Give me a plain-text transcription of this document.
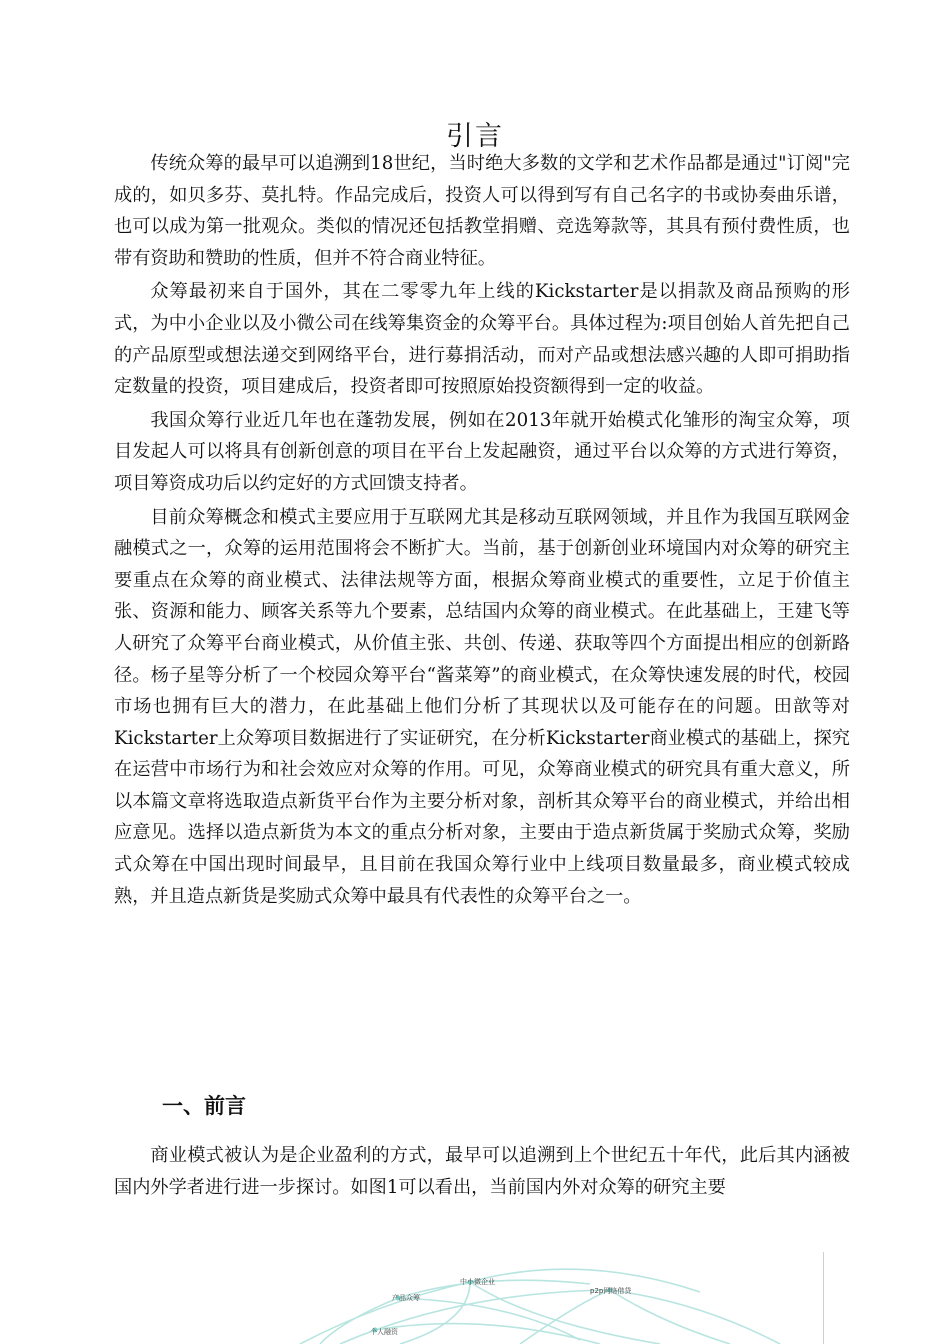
引言

传统众筹的最早可以追溯到18世纪，当时绝大多数的文学和艺术作品都是通过"订阅"完成的，如贝多芬、莫扎特。作品完成后，投资人可以得到写有自己名字的书或协奏曲乐谱，也可以成为第一批观众。类似的情况还包括教堂捐赠、竞选筹款等，其具有预付费性质，也带有资助和赞助的性质，但并不符合商业特征。

众筹最初来自于国外，其在二零零九年上线的Kickstarter是以捐款及商品预购的形式，为中小企业以及小微公司在线筹集资金的众筹平台。具体过程为:项目创始人首先把自己的产品原型或想法递交到网络平台，进行募捐活动，而对产品或想法感兴趣的人即可捐助指定数量的投资，项目建成后，投资者即可按照原始投资额得到一定的收益。

我国众筹行业近几年也在蓬勃发展，例如在2013年就开始模式化雏形的淘宝众筹，项目发起人可以将具有创新创意的项目在平台上发起融资，通过平台以众筹的方式进行筹资，项目筹资成功后以约定好的方式回馈支持者。

目前众筹概念和模式主要应用于互联网尤其是移动互联网领域，并且作为我国互联网金融模式之一，众筹的运用范围将会不断扩大。当前，基于创新创业环境国内对众筹的研究主要重点在众筹的商业模式、法律法规等方面，根据众筹商业模式的重要性，立足于价值主张、资源和能力、顾客关系等九个要素，总结国内众筹的商业模式。在此基础上，王建飞等人研究了众筹平台商业模式，从价值主张、共创、传递、获取等四个方面提出相应的创新路径。杨子星等分析了一个校园众筹平台“酱菜筹”的商业模式，在众筹快速发展的时代，校园市场也拥有巨大的潜力，在此基础上他们分析了其现状以及可能存在的问题。田歆等对Kickstarter上众筹项目数据进行了实证研究，在分析Kickstarter商业模式的基础上，探究在运营中市场行为和社会效应对众筹的作用。可见，众筹商业模式的研究具有重大意义，所以本篇文章将选取造点新货平台作为主要分析对象，剖析其众筹平台的商业模式，并给出相应意见。选择以造点新货为本文的重点分析对象，主要由于造点新货属于奖励式众筹，奖励式众筹在中国出现时间最早，且目前在我国众筹行业中上线项目数量最多，商业模式较成熟，并且造点新货是奖励式众筹中最具有代表性的众筹平台之一。

一、前言

商业模式被认为是企业盈利的方式，最早可以追溯到上个世纪五十年代，此后其内涵被国内外学者进行进一步探讨。如图1可以看出，当前国内外对众筹的研究主要

中小微企业
产品众筹
p2p网络借贷
个人融资
